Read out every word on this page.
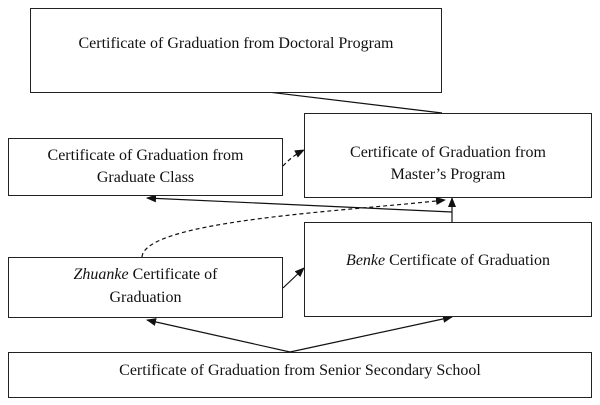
Certificate of Graduation from Doctoral Program
Certificate of Graduation from
Graduate Class
Certificate of Graduation from
Master’s Program
Zhuanke Certificate of
Graduation
Benke Certificate of Graduation
Certificate of Graduation from Senior Secondary School
